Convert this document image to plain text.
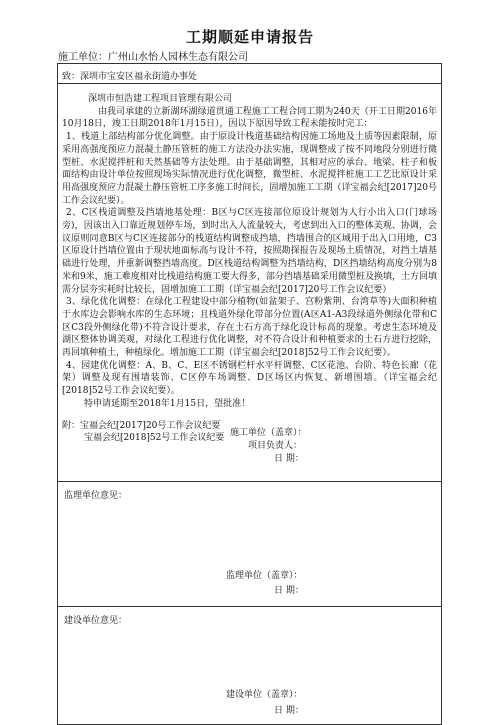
工期顺延申请报告
施工单位：广州山水怡人园林生态有限公司
致：深圳市宝安区福永街道办事处

深圳市恒浩建工程项目管理有限公司

由我司承建的立新湖环湖绿道贯通工程施工工程合同工期为240天（开工日期2016年10月18日，竣工日期2018年1月15日），因以下原因导致工程未能按时完工：

1、栈道上部结构部分优化调整。由于原设计栈道基础结构因施工场地及土质等因素限制，原采用高强度预应力混凝土静压管桩的施工方法没办法实施，现调整成了按不同地段分别进行微型桩、水泥搅拌桩和天然基础等方法处理。由于基础调整，其相对应的承台、地梁、柱子和板面结构由设计单位按照现场实际情况进行优化调整，微型桩、水泥搅拌桩施工工艺比原设计采用高强度预应力混凝土静压管桩工序多施工时间长，固增加施工工期（详宝福会纪[2017]20号工作会议纪要）。

2、C区栈道调整及挡墙地基处理：B区与C区连接部位原设计规划为人行小出入口(门球场旁)，因该出入口靠近规划停车场，到时出入人流量较大，考虑到出入口的整体美观、协调，会议原则同意B区与C区连接部分的栈道结构调整成挡墙，挡墙围合的区域用于出入口用地，C3区原设计挡墙位置由于现状地面标高与设计不符，按照勘探报告及现场土质情况，对挡土墙基础进行处理，并重新调整挡墙高度。D区栈道结构调整为挡墙结构，D区挡墙结构高度分别为8米和9米，施工难度相对比栈道结构施工要大得多，部分挡墙基础采用微型桩及换填，土方回填需分层夯实耗时比较长，固增加施工工期（详宝福会纪[2017]20号工作会议纪要）

3、绿化优化调整：在绿化工程建设中部分植物(如盆架子、宫粉紫荆、台湾草等)大面积种植于水库边会影响水库的生态环境；且栈道外绿化带部分位置(A区A1-A3段绿道外侧绿化带和C区C3段外侧绿化带)不符合设计要求，存在土石方高于绿化设计标高的现象。考虑生态环境及湖区整体协调美观，对绿化工程进行优化调整，对不符合设计和种植要求的土石方进行挖除，再回填种植土，种植绿化。增加施工工期（详宝福会纪[2018]52号工作会议纪要）。

4、园建优化调整：A、B、C、E区不锈钢栏杆水平杆调整、C区花池、台阶、特色长廊（花架）调整及现有围墙装饰、C区停车场调整、D区场区内恢复、新增围墙。（详宝福会纪[2018]52号工作会议纪要）。

特申请延期至2018年1月15日，望批准！

附：宝福会纪[2017]20号工作会议纪要

宝福会纪[2018]52号工作会议纪要

施工单位（盖章）：
项目负责人：
日 期：

监理单位意见：
监理单位（盖章）：
日 期：

建设单位意见：
建设单位（盖章）：
日 期：
